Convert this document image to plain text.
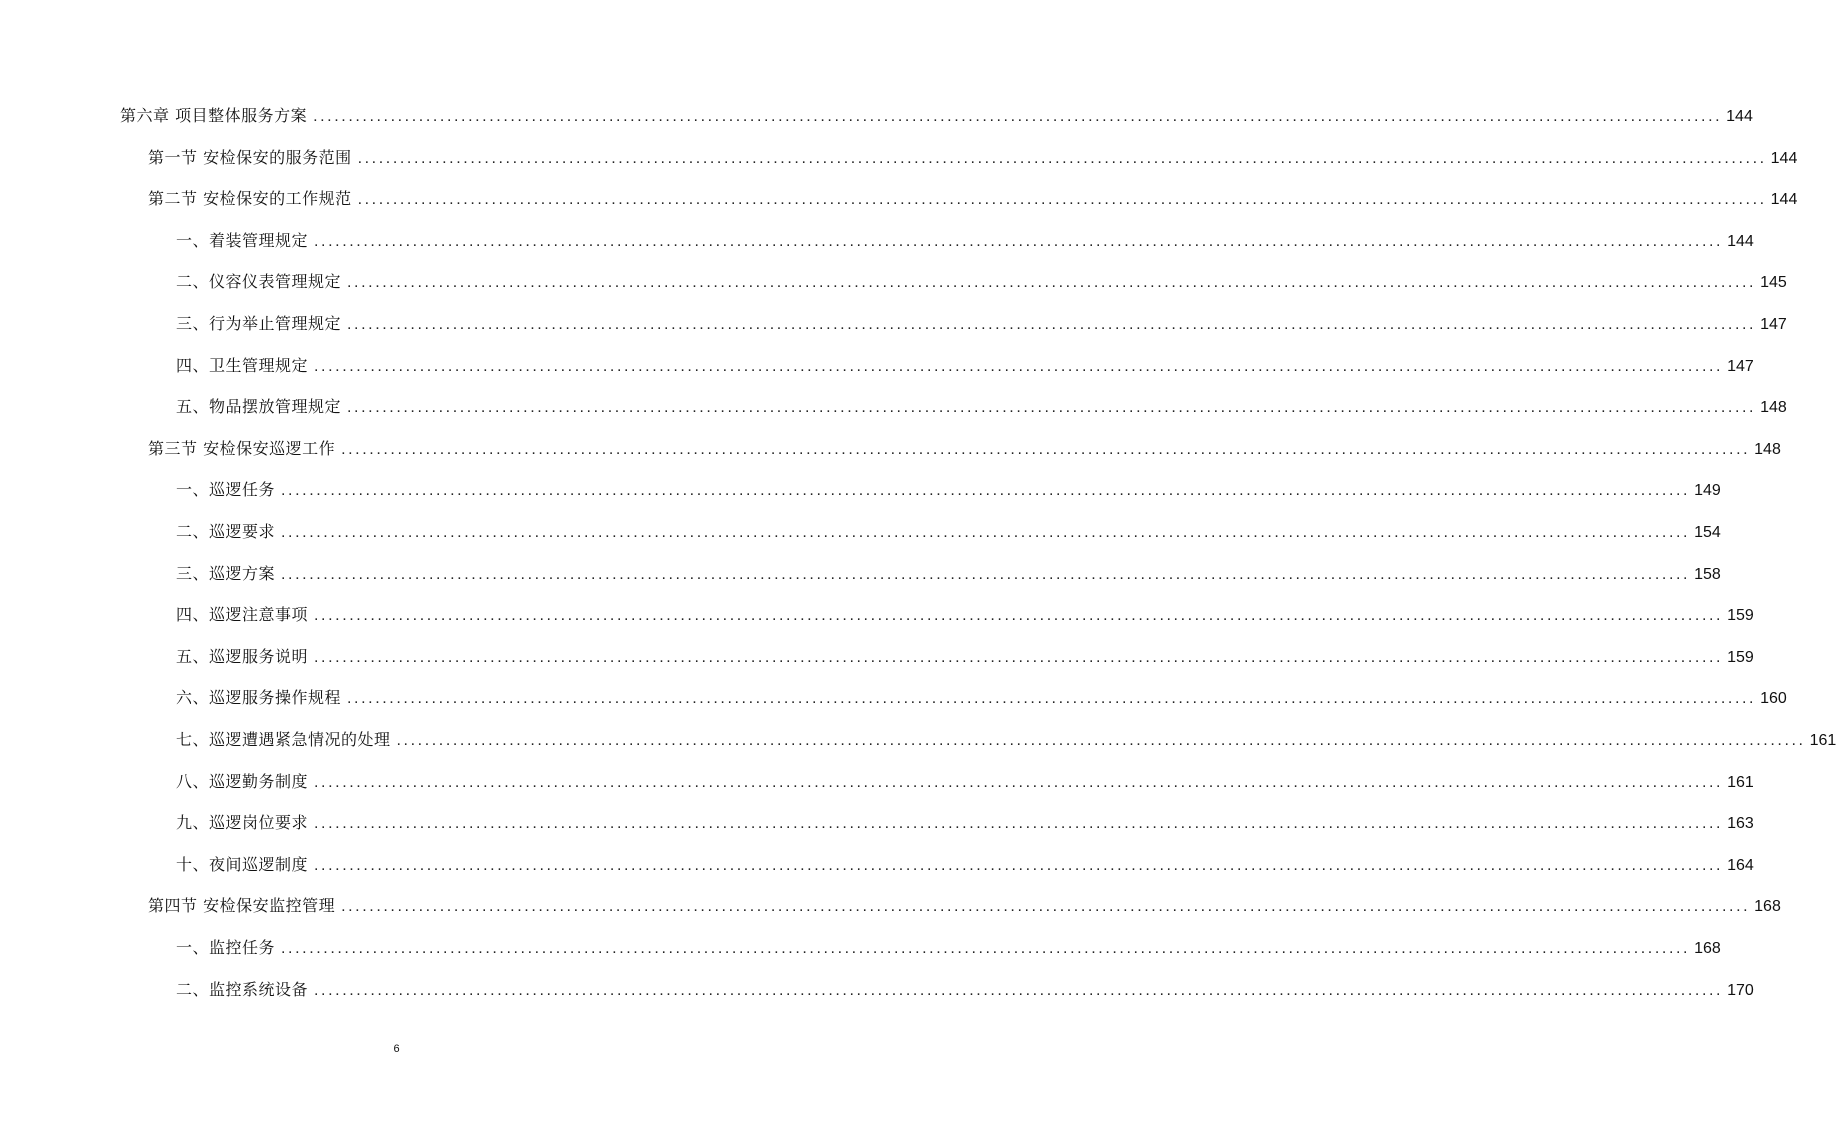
第六章 项目整体服务方案 ........................................................................................................................................................................................................ 144
第一节 安检保安的服务范围 ........................................................................................................................................................................................................ 144
第二节 安检保安的工作规范 ........................................................................................................................................................................................................ 144
一、着装管理规定 ........................................................................................................................................................................................................ 144
二、仪容仪表管理规定 ........................................................................................................................................................................................................ 145
三、行为举止管理规定 ........................................................................................................................................................................................................ 147
四、卫生管理规定 ........................................................................................................................................................................................................ 147
五、物品摆放管理规定 ........................................................................................................................................................................................................ 148
第三节 安检保安巡逻工作 ........................................................................................................................................................................................................ 148
一、巡逻任务 ........................................................................................................................................................................................................ 149
二、巡逻要求 ........................................................................................................................................................................................................ 154
三、巡逻方案 ........................................................................................................................................................................................................ 158
四、巡逻注意事项 ........................................................................................................................................................................................................ 159
五、巡逻服务说明 ........................................................................................................................................................................................................ 159
六、巡逻服务操作规程 ........................................................................................................................................................................................................ 160
七、巡逻遭遇紧急情况的处理 ........................................................................................................................................................................................................ 161
八、巡逻勤务制度 ........................................................................................................................................................................................................ 161
九、巡逻岗位要求 ........................................................................................................................................................................................................ 163
十、夜间巡逻制度 ........................................................................................................................................................................................................ 164
第四节 安检保安监控管理 ........................................................................................................................................................................................................ 168
一、监控任务 ........................................................................................................................................................................................................ 168
二、监控系统设备 ........................................................................................................................................................................................................ 170
6
